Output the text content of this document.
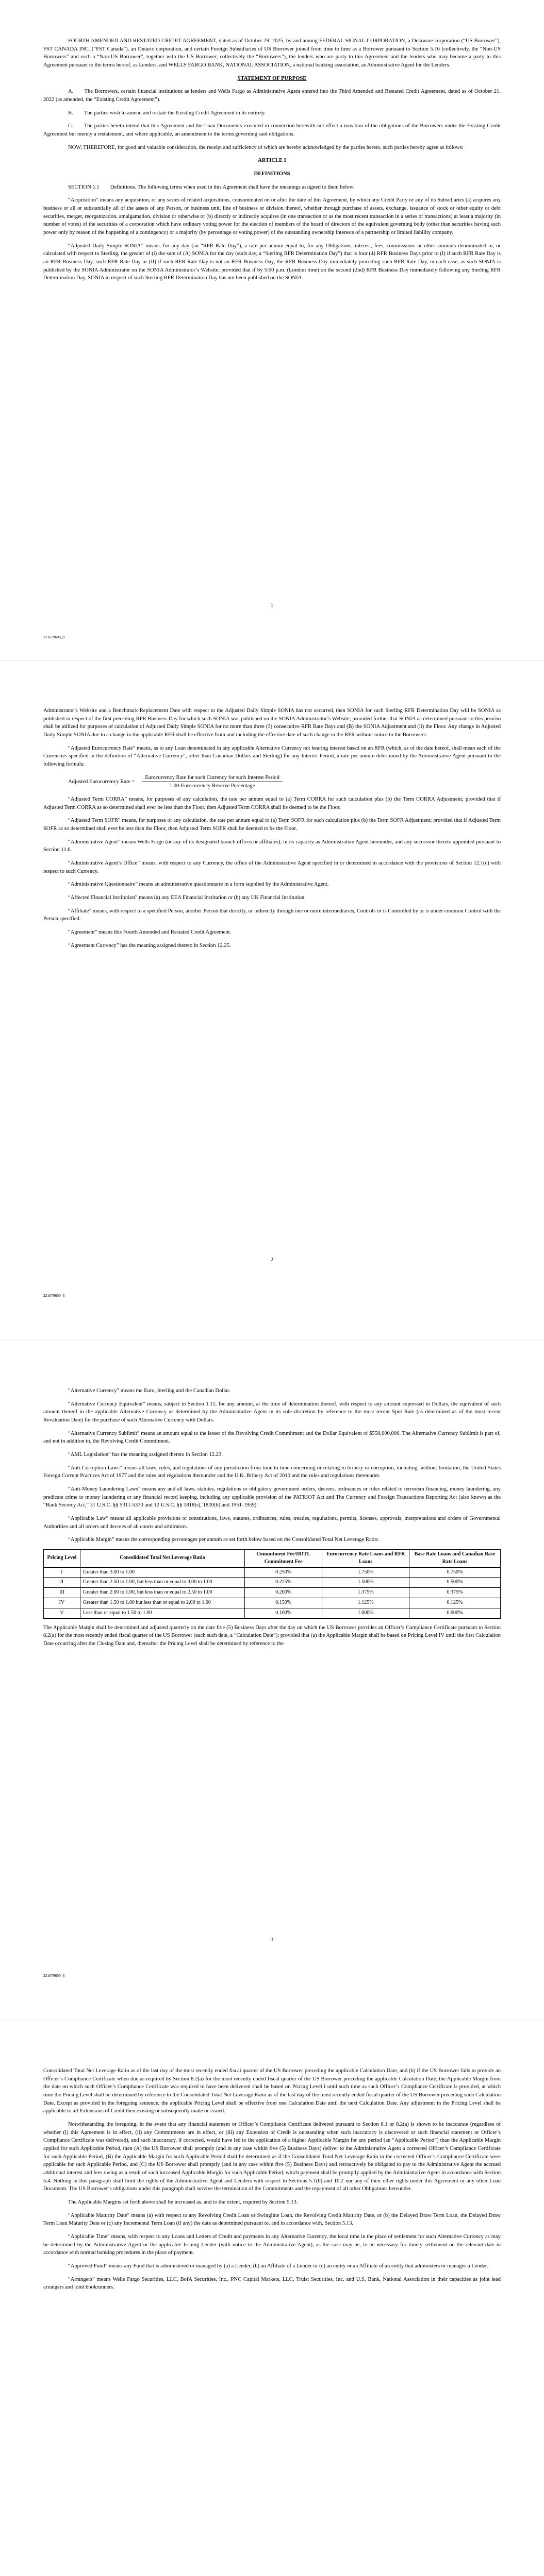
FOURTH AMENDED AND RESTATED CREDIT AGREEMENT, dated as of October 29, 2025, by and among FEDERAL SIGNAL CORPORATION, a Delaware corporation (“US Borrower”), FST CANADA INC. (“FST Canada”), an Ontario corporation, and certain Foreign Subsidiaries of US Borrower joined from time to time as a Borrower pursuant to Section 5.16 (collectively, the “Non-US Borrowers” and each a “Non-US Borrower”, together with the US Borrower, collectively the “Borrowers”), the lenders who are party to this Agreement and the lenders who may become a party to this Agreement pursuant to the terms hereof, as Lenders, and WELLS FARGO BANK, NATIONAL ASSOCIATION, a national banking association, as Administrative Agent for the Lenders.

STATEMENT OF PURPOSE

A.  The Borrowers, certain financial institutions as lenders and Wells Fargo as Administrative Agent entered into the Third Amended and Restated Credit Agreement, dated as of October 21, 2022 (as amended, the “Existing Credit Agreement”).

B.  The parties wish to amend and restate the Existing Credit Agreement in its entirety.

C.  The parties hereto intend that this Agreement and the Loan Documents executed in connection herewith not effect a novation of the obligations of the Borrowers under the Existing Credit Agreement but merely a restatement, and where applicable, an amendment to the terms governing said obligations.

NOW, THEREFORE, for good and valuable consideration, the receipt and sufficiency of which are hereby acknowledged by the parties hereto, such parties hereby agree as follows:

ARTICLE I

DEFINITIONS

SECTION 1.1  Definitions. The following terms when used in this Agreement shall have the meanings assigned to them below:

“Acquisition” means any acquisition, or any series of related acquisitions, consummated on or after the date of this Agreement, by which any Credit Party or any of its Subsidiaries (a) acquires any business or all or substantially all of the assets of any Person, or business unit, line of business or division thereof, whether through purchase of assets, exchange, issuance of stock or other equity or debt securities, merger, reorganization, amalgamation, division or otherwise or (b) directly or indirectly acquires (in one transaction or as the most recent transaction in a series of transactions) at least a majority (in number of votes) of the securities of a corporation which have ordinary voting power for the election of members of the board of directors of the equivalent governing body (other than securities having such power only by reason of the happening of a contingency) or a majority (by percentage or voting power) of the outstanding ownership interests of a partnership or limited liability company.

“Adjusted Daily Simple SONIA” means, for any day (an “RFR Rate Day”), a rate per annum equal to, for any Obligations, interest, fees, commissions or other amounts denominated in, or calculated with respect to Sterling, the greater of (i) the sum of (A) SONIA for the day (such day, a “Sterling RFR Determination Day”) that is four (4) RFR Business Days prior to (I) if such RFR Rate Day is an RFR Business Day, such RFR Rate Day or (II) if such RFR Rate Day is not an RFR Business Day, the RFR Business Day immediately preceding such RFR Rate Day, in each case, as such SONIA is published by the SONIA Administrator on the SONIA Administrator’s Website; provided that if by 5:00 p.m. (London time) on the second (2nd) RFR Business Day immediately following any Sterling RFR Determination Day, SONIA in respect of such Sterling RFR Determination Day has not been published on the SONIA

1
221679600_8

Administrator’s Website and a Benchmark Replacement Date with respect to the Adjusted Daily Simple SONIA has not occurred, then SONIA for such Sterling RFR Determination Day will be SONIA as published in respect of the first preceding RFR Business Day for which such SONIA was published on the SONIA Administrator’s Website; provided further that SONIA as determined pursuant to this proviso shall be utilized for purposes of calculation of Adjusted Daily Simple SONIA for no more than three (3) consecutive RFR Rate Days and (B) the SONIA Adjustment and (ii) the Floor. Any change in Adjusted Daily Simple SONIA due to a change in the applicable RFR shall be effective from and including the effective date of such change in the RFR without notice to the Borrowers.

“Adjusted Eurocurrency Rate” means, as to any Loan denominated in any applicable Alternative Currency not bearing interest based on an RFR (which, as of the date hereof, shall mean each of the Currencies specified in the definition of “Alternative Currency”, other than Canadian Dollars and Sterling) for any Interest Period, a rate per annum determined by the Administrative Agent pursuant to the following formula:

Adjusted Eurocurrency Rate = $\frac{\text{Eurocurrency Rate for such Currency for such Interest Period}}{\text{1.00-Eurocurrency Reserve Percentage}}$

“Adjusted Term CORRA” means, for purposes of any calculation, the rate per annum equal to (a) Term CORRA for such calculation plus (b) the Term CORRA Adjustment; provided that if Adjusted Term CORRA as so determined shall ever be less than the Floor, then Adjusted Term CORRA shall be deemed to be the Floor.

“Adjusted Term SOFR” means, for purposes of any calculation, the rate per annum equal to (a) Term SOFR for such calculation plus (b) the Term SOFR Adjustment; provided that if Adjusted Term SOFR as so determined shall ever be less than the Floor, then Adjusted Term SOFR shall be deemed to be the Floor.

“Administrative Agent” means Wells Fargo (or any of its designated branch offices or affiliates), in its capacity as Administrative Agent hereunder, and any successor thereto appointed pursuant to Section 11.6.

“Administrative Agent’s Office” means, with respect to any Currency, the office of the Administrative Agent specified in or determined in accordance with the provisions of Section 12.1(c) with respect to such Currency.

“Administrative Questionnaire” means an administrative questionnaire in a form supplied by the Administrative Agent.

“Affected Financial Institution” means (a) any EEA Financial Institution or (b) any UK Financial Institution.

“Affiliate” means, with respect to a specified Person, another Person that directly, or indirectly through one or more intermediaries, Controls or is Controlled by or is under common Control with the Person specified.

“Agreement” means this Fourth Amended and Restated Credit Agreement.

“Agreement Currency” has the meaning assigned thereto in Section 12.25.

2
221679600_8

“Alternative Currency” means the Euro, Sterling and the Canadian Dollar.

“Alternative Currency Equivalent” means, subject to Section 1.11, for any amount, at the time of determination thereof, with respect to any amount expressed in Dollars, the equivalent of such amount thereof in the applicable Alternative Currency as determined by the Administrative Agent in its sole discretion by reference to the most recent Spot Rate (as determined as of the most recent Revaluation Date) for the purchase of such Alternative Currency with Dollars.

“Alternative Currency Sublimit” means an amount equal to the lesser of the Revolving Credit Commitment and the Dollar Equivalent of $550,000,000. The Alternative Currency Sublimit is part of, and not in addition to, the Revolving Credit Commitment.

“AML Legislation” has the meaning assigned thereto in Section 12.23.

“Anti-Corruption Laws” means all laws, rules, and regulations of any jurisdiction from time to time concerning or relating to bribery or corruption, including, without limitation, the United States Foreign Corrupt Practices Act of 1977 and the rules and regulations thereunder and the U.K. Bribery Act of 2010 and the rules and regulations thereunder.

“Anti-Money Laundering Laws” means any and all laws, statutes, regulations or obligatory government orders, decrees, ordinances or rules related to terrorism financing, money laundering, any predicate crime to money laundering or any financial record keeping, including any applicable provision of the PATRIOT Act and The Currency and Foreign Transactions Reporting Act (also known as the “Bank Secrecy Act,” 31 U.S.C. §§ 5311-5330 and 12 U.S.C. §§ 1818(s), 1820(b) and 1951-1959).

“Applicable Law” means all applicable provisions of constitutions, laws, statutes, ordinances, rules, treaties, regulations, permits, licenses, approvals, interpretations and orders of Governmental Authorities and all orders and decrees of all courts and arbitrators.

“Applicable Margin” means the corresponding percentages per annum as set forth below based on the Consolidated Total Net Leverage Ratio:

Pricing Level	Consolidated Total Net Leverage Ratio	Commitment Fee/DDTL Commitment Fee	Eurocurrency Rate Loans and RFR Loans	Base Rate Loans and Canadian Base Rate Loans
I	Greater than 3.00 to 1.00	0.250%	1.750%	0.750%
II	Greater than 2.50 to 1.00, but less than or equal to 3.00 to 1.00	0.225%	1.500%	0.500%
III	Greater than 2.00 to 1.00, but less than or equal to 2.50 to 1.00	0.200%	1.375%	0.375%
IV	Greater than 1.50 to 1.00 but less than or equal to 2.00 to 1.00	0.150%	1.125%	0.125%
V	Less than or equal to 1.50 to 1.00	0.100%	1.000%	0.000%

The Applicable Margin shall be determined and adjusted quarterly on the date five (5) Business Days after the day on which the US Borrower provides an Officer’s Compliance Certificate pursuant to Section 8.2(a) for the most recently ended fiscal quarter of the US Borrower (each such date, a “Calculation Date”); provided that (a) the Applicable Margin shall be based on Pricing Level IV until the first Calculation Date occurring after the Closing Date and, thereafter the Pricing Level shall be determined by reference to the

3
221679600_8

Consolidated Total Net Leverage Ratio as of the last day of the most recently ended fiscal quarter of the US Borrower preceding the applicable Calculation Date, and (b) if the US Borrower fails to provide an Officer’s Compliance Certificate when due as required by Section 8.2(a) for the most recently ended fiscal quarter of the US Borrower preceding the applicable Calculation Date, the Applicable Margin from the date on which such Officer’s Compliance Certificate was required to have been delivered shall be based on Pricing Level I until such time as such Officer’s Compliance Certificate is provided, at which time the Pricing Level shall be determined by reference to the Consolidated Total Net Leverage Ratio as of the last day of the most recently ended fiscal quarter of the US Borrower preceding such Calculation Date. Except as provided in the foregoing sentence, the applicable Pricing Level shall be effective from one Calculation Date until the next Calculation Date. Any adjustment in the Pricing Level shall be applicable to all Extensions of Credit then existing or subsequently made or issued.

Notwithstanding the foregoing, in the event that any financial statement or Officer’s Compliance Certificate delivered pursuant to Section 8.1 or 8.2(a) is shown to be inaccurate (regardless of whether (i) this Agreement is in effect, (ii) any Commitments are in effect, or (iii) any Extension of Credit is outstanding when such inaccuracy is discovered or such financial statement or Officer’s Compliance Certificate was delivered), and such inaccuracy, if corrected, would have led to the application of a higher Applicable Margin for any period (an “Applicable Period”) than the Applicable Margin applied for such Applicable Period, then (A) the US Borrower shall promptly (and in any case within five (5) Business Days) deliver to the Administrative Agent a corrected Officer’s Compliance Certificate for such Applicable Period, (B) the Applicable Margin for such Applicable Period shall be determined as if the Consolidated Total Net Leverage Ratio in the corrected Officer’s Compliance Certificate were applicable for such Applicable Period, and (C) the US Borrower shall promptly (and in any case within five (5) Business Days) and retroactively be obligated to pay to the Administrative Agent the accrued additional interest and fees owing as a result of such increased Applicable Margin for such Applicable Period, which payment shall be promptly applied by the Administrative Agent in accordance with Section 5.4. Nothing in this paragraph shall limit the rights of the Administrative Agent and Lenders with respect to Sections 5.1(b) and 10.2 nor any of their other rights under this Agreement or any other Loan Document. The US Borrower’s obligations under this paragraph shall survive the termination of the Commitments and the repayment of all other Obligations hereunder.

The Applicable Margins set forth above shall be increased as, and to the extent, required by Section 5.13.

“Applicable Maturity Date” means (a) with respect to any Revolving Credit Loan or Swingline Loan, the Revolving Credit Maturity Date, or (b) the Delayed Draw Term Loan, the Delayed Draw Term Loan Maturity Date or (c) any Incremental Term Loan (if any) the date as determined pursuant to, and in accordance with, Section 5.13.

“Applicable Time” means, with respect to any Loans and Letters of Credit and payments in any Alternative Currency, the local time in the place of settlement for such Alternative Currency as may be determined by the Administrative Agent or the applicable Issuing Lender (with notice to the Administrative Agent), as the case may be, to be necessary for timely settlement on the relevant date in accordance with normal banking procedures in the place of payment.

“Approved Fund” means any Fund that is administered or managed by (a) a Lender, (b) an Affiliate of a Lender or (c) an entity or an Affiliate of an entity that administers or manages a Lender.

“Arrangers” means Wells Fargo Securities, LLC, BofA Securities, Inc., PNC Capital Markets, LLC, Truist Securities, Inc. and U.S. Bank, National Association in their capacities as joint lead arrangers and joint bookrunners.
